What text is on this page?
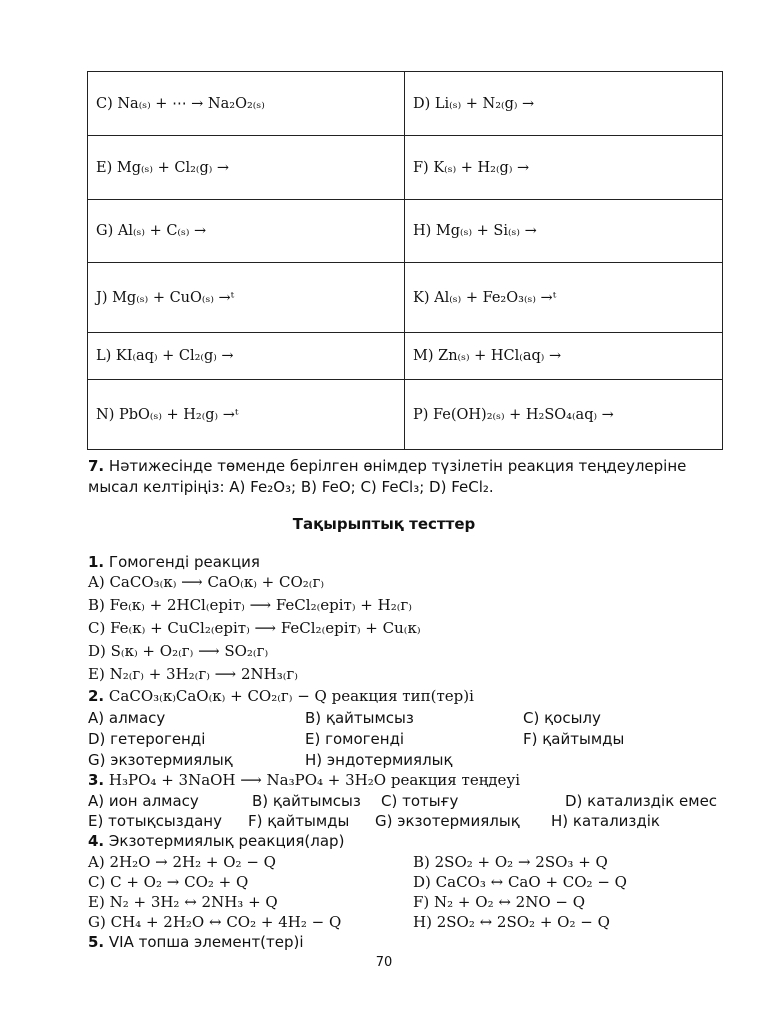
C) Na₍ₛ₎ + ⋯ → Na₂O₂₍ₛ₎	D) Li₍ₛ₎ + N₂₍g₎ →
E) Mg₍ₛ₎ + Cl₂₍g₎ →	F) K₍ₛ₎ + H₂₍g₎ →
G) Al₍ₛ₎ + C₍ₛ₎ →	H) Mg₍ₛ₎ + Si₍ₛ₎ →
J) Mg₍ₛ₎ + CuO₍ₛ₎ →ᵗ	K) Al₍ₛ₎ + Fe₂O₃₍ₛ₎ →ᵗ
L) KI₍aq₎ + Cl₂₍g₎ →	M) Zn₍ₛ₎ + HCl₍aq₎ →
N) PbO₍ₛ₎ + H₂₍g₎ →ᵗ	P) Fe(OH)₂₍ₛ₎ + H₂SO₄₍aq₎ →
7. Нәтижесінде төменде берілген өнімдер түзілетін реакция теңдеулеріне
мысал келтіріңіз: A) Fe₂O₃; B) FeO; C) FeCl₃; D) FeCl₂.
Тақырыптық тесттер
1. Гомогенді реакция
A) CaCO₃₍к₎ ⟶ CaO₍к₎ + CO₂₍г₎
B) Fe₍к₎ + 2HCl₍ерiт₎ ⟶ FeCl₂₍ерiт₎ + H₂₍г₎
C) Fe₍к₎ + CuCl₂₍ерiт₎ ⟶ FeCl₂₍ерiт₎ + Cu₍к₎
D) S₍к₎ + O₂₍г₎ ⟶ SO₂₍г₎
E) N₂₍г₎ + 3H₂₍г₎ ⟶ 2NH₃₍г₎
2. CaCO₃₍к₎CaO₍к₎ + CO₂₍г₎ − Q реакция тип(тер)і
A) алмасу	B) қайтымсыз	C) қосылу
D) гетерогенді	E) гомогенді	F) қайтымды
G) экзотермиялық	H) эндотермиялық
3. H₃PO₄ + 3NaOH ⟶ Na₃PO₄ + 3H₂O реакция теңдеуі
A) ион алмасу	B) қайтымсыз C) тотығу	D) катализдік емес
E) тотықсыздану F) қайтымды G) экзотермиялық H) катализдік
4. Экзотермиялық реакция(лар)
A) 2H₂O → 2H₂ + O₂ − Q	B) 2SO₂ + O₂ → 2SO₃ + Q
C) C + O₂ → CO₂ + Q	D) CaCO₃ ↔ CaO + CO₂ − Q
E) N₂ + 3H₂ ↔ 2NH₃ + Q	F) N₂ + O₂ ↔ 2NO − Q
G) CH₄ + 2H₂O ↔ CO₂ + 4H₂ − Q	H) 2SO₂ ↔ 2SO₂ + O₂ − Q
5. VIA топша элемент(тер)і
70
